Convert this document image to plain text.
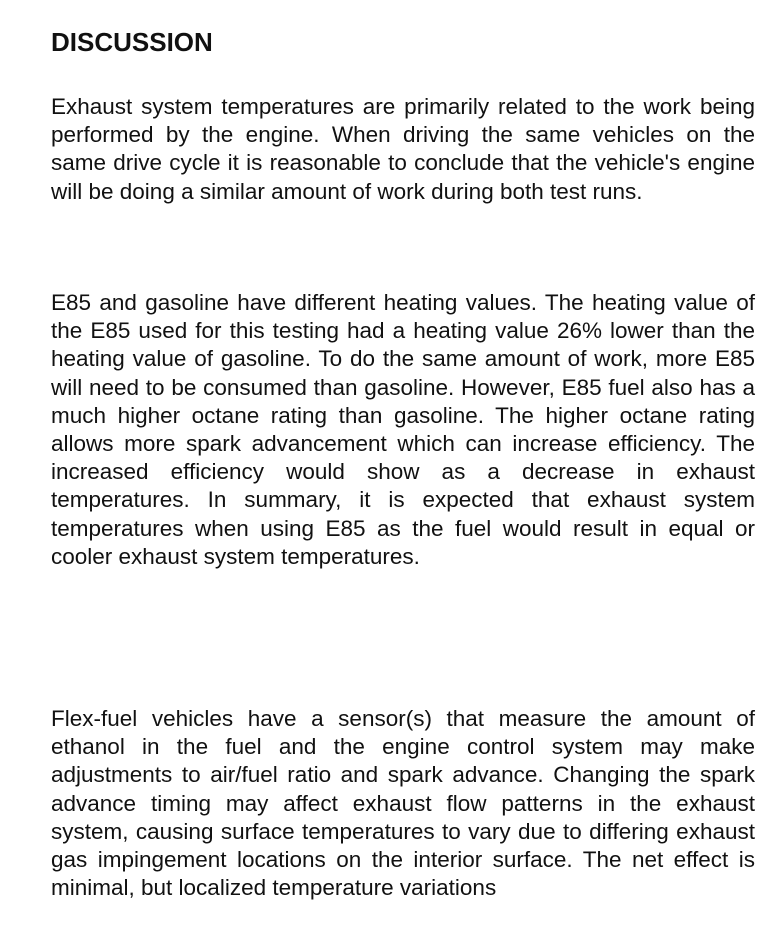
DISCUSSION

Exhaust system temperatures are primarily related to the work being performed by the engine. When driving the same vehicles on the same drive cycle it is reasonable to conclude that the vehicle's engine will be doing a similar amount of work during both test runs.

E85 and gasoline have different heating values. The heating value of the E85 used for this testing had a heating value 26% lower than the heating value of gasoline. To do the same amount of work, more E85 will need to be consumed than gasoline. However, E85 fuel also has a much higher octane rating than gasoline. The higher octane rating allows more spark advancement which can increase efficiency. The increased efficiency would show as a decrease in exhaust temperatures. In summary, it is expected that exhaust system temperatures when using E85 as the fuel would result in equal or cooler exhaust system temperatures.

Flex-fuel vehicles have a sensor(s) that measure the amount of ethanol in the fuel and the engine control system may make adjustments to air/fuel ratio and spark advance. Changing the spark advance timing may affect exhaust flow patterns in the exhaust system, causing surface temperatures to vary due to differing exhaust gas impingement locations on the interior surface. The net effect is minimal, but localized temperature variations
